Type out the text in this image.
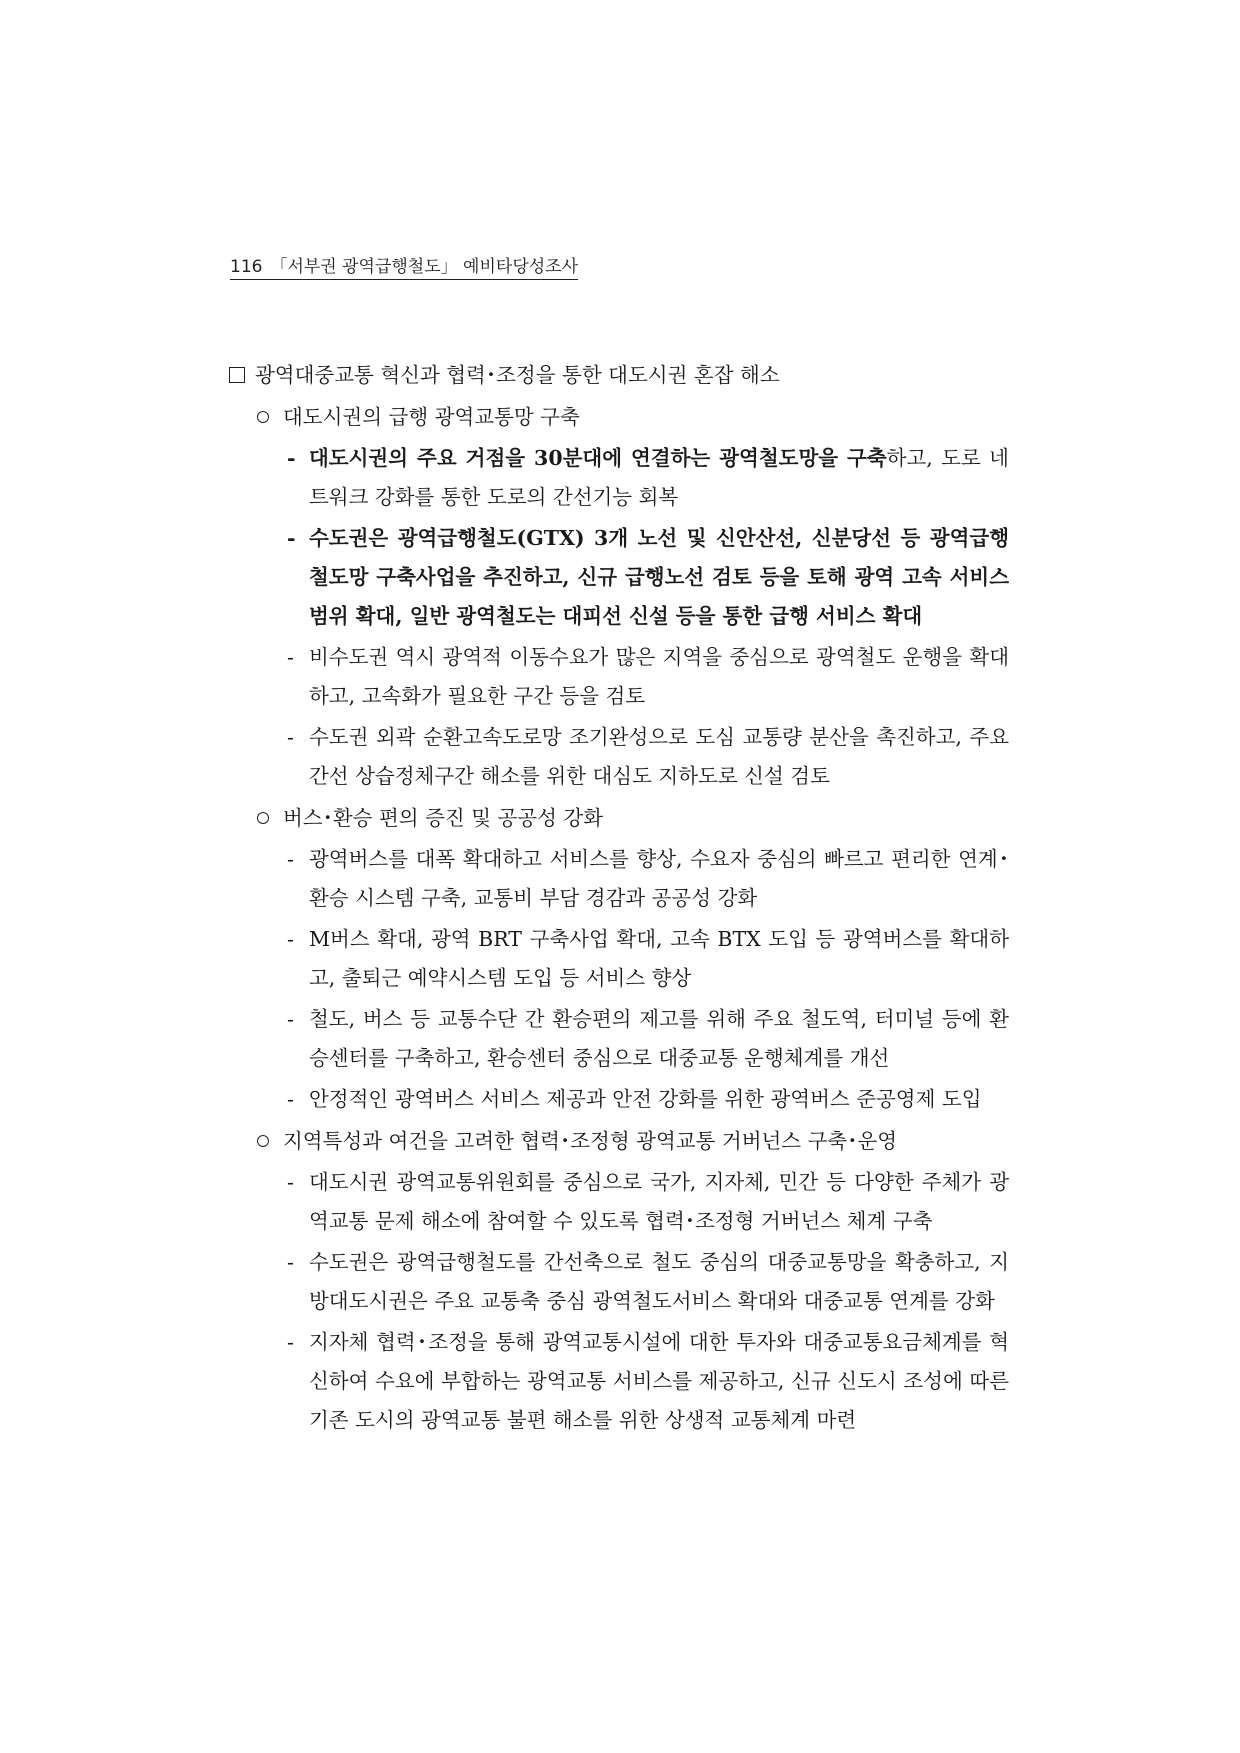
116 「서부권 광역급행철도」 예비타당성조사
광역대중교통 혁신과 협력･조정을 통한 대도시권 혼잡 해소
대도시권의 급행 광역교통망 구축
- 대도시권의 주요 거점을 30분대에 연결하는 광역철도망을 구축하고, 도로 네트워크 강화를 통한 도로의 간선기능 회복
- 수도권은 광역급행철도(GTX) 3개 노선 및 신안산선, 신분당선 등 광역급행철도망 구축사업을 추진하고, 신규 급행노선 검토 등을 토해 광역 고속 서비스 범위 확대, 일반 광역철도는 대피선 신설 등을 통한 급행 서비스 확대
- 비수도권 역시 광역적 이동수요가 많은 지역을 중심으로 광역철도 운행을 확대하고, 고속화가 필요한 구간 등을 검토
- 수도권 외곽 순환고속도로망 조기완성으로 도심 교통량 분산을 촉진하고, 주요 간선 상습정체구간 해소를 위한 대심도 지하도로 신설 검토
버스･환승 편의 증진 및 공공성 강화
- 광역버스를 대폭 확대하고 서비스를 향상, 수요자 중심의 빠르고 편리한 연계･환승 시스템 구축, 교통비 부담 경감과 공공성 강화
- M버스 확대, 광역 BRT 구축사업 확대, 고속 BTX 도입 등 광역버스를 확대하고, 출퇴근 예약시스템 도입 등 서비스 향상
- 철도, 버스 등 교통수단 간 환승편의 제고를 위해 주요 철도역, 터미널 등에 환승센터를 구축하고, 환승센터 중심으로 대중교통 운행체계를 개선
- 안정적인 광역버스 서비스 제공과 안전 강화를 위한 광역버스 준공영제 도입
지역특성과 여건을 고려한 협력･조정형 광역교통 거버넌스 구축･운영
- 대도시권 광역교통위원회를 중심으로 국가, 지자체, 민간 등 다양한 주체가 광역교통 문제 해소에 참여할 수 있도록 협력･조정형 거버넌스 체계 구축
- 수도권은 광역급행철도를 간선축으로 철도 중심의 대중교통망을 확충하고, 지방대도시권은 주요 교통축 중심 광역철도서비스 확대와 대중교통 연계를 강화
- 지자체 협력･조정을 통해 광역교통시설에 대한 투자와 대중교통요금체계를 혁신하여 수요에 부합하는 광역교통 서비스를 제공하고, 신규 신도시 조성에 따른 기존 도시의 광역교통 불편 해소를 위한 상생적 교통체계 마련
